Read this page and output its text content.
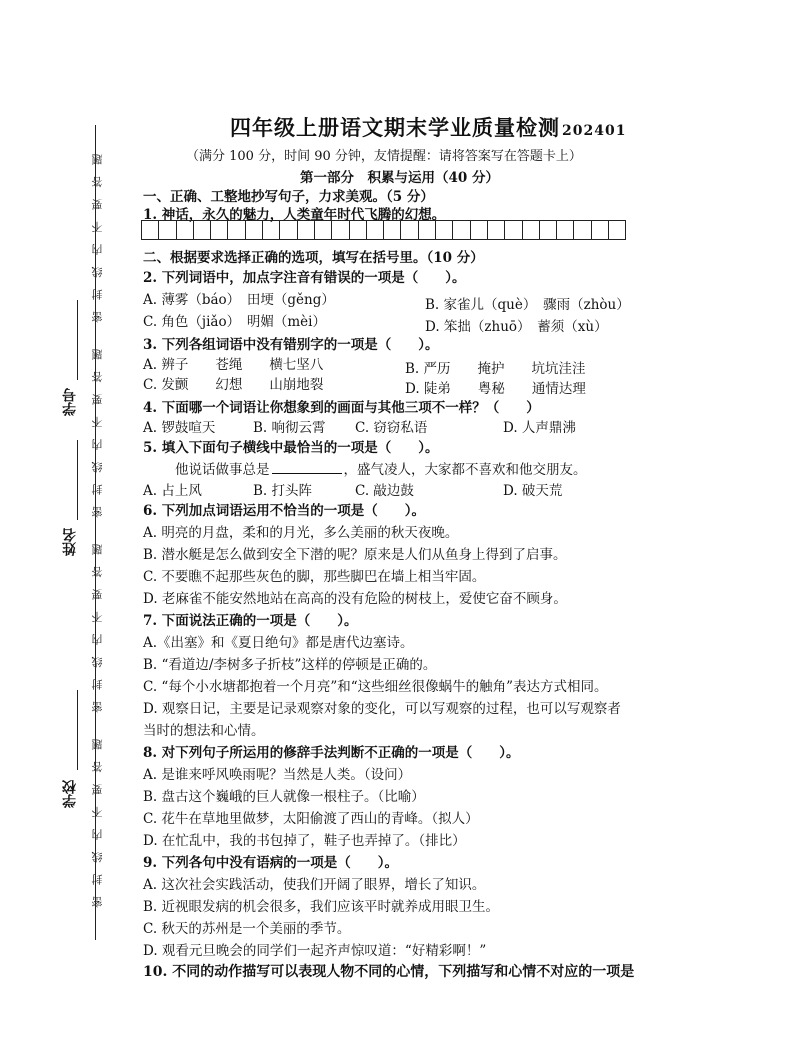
密 封 线 内 不 要 答 题
密 封 线 内 不 要 答 题
密 封 线 内 不 要 答 题
密 封 线 内 不 要 答 题
学号
姓名
学校
四年级上册语文期末学业质量检测 202401
（满分 100 分，时间 90 分钟，友情提醒：请将答案写在答题卡上）
第一部分　积累与运用（40 分）
一、正确、工整地抄写句子，力求美观。（5 分）
1. 神话，永久的魅力，人类童年时代飞腾的幻想。
二、根据要求选择正确的选项，填写在括号里。（10 分）
2. 下列词语中，加点字注音有错误的一项是（　　）。
A. 薄雾（báo）　田埂（gěng）	B. 家雀儿（què）　骤雨（zhòu）
C. 角色（jiǎo）　明媚（mèi）	D. 笨拙（zhuō）　蓄须（xù）
3. 下列各组词语中没有错别字的一项是（　　）。
A. 辨子　　苍绳　　横七坚八	B. 严历　　掩护　　坑坑洼洼
C. 发颤　　幻想　　山崩地裂	D. 陡弟　　粤秘　　通情达理
4. 下面哪一个词语让你想象到的画面与其他三项不一样？（　　）
A. 锣鼓喧天	B. 响彻云霄 C. 窃窃私语	D. 人声鼎沸
5. 填入下面句子横线中最恰当的一项是（　　）。
他说话做事总是	，盛气凌人，大家都不喜欢和他交朋友。
A. 占上风	B. 打头阵	C. 敲边鼓	D. 破天荒
6. 下列加点词语运用不恰当的一项是（　　）。
A. 明亮的月盘，柔和的月光，多么美丽的秋天夜晚。
B. 潜水艇是怎么做到安全下潜的呢？原来是人们从鱼身上得到了启事。
C. 不要瞧不起那些灰色的脚，那些脚巴在墙上相当牢固。
D. 老麻雀不能安然地站在高高的没有危险的树枝上，爱使它奋不顾身。
7. 下面说法正确的一项是（　　）。
A.《出塞》和《夏日绝句》都是唐代边塞诗。
B. “看道边/李树多子折枝”这样的停顿是正确的。
C. “每个小水塘都抱着一个月亮”和“这些细丝很像蜗牛的触角”表达方式相同。
D. 观察日记，主要是记录观察对象的变化，可以写观察的过程，也可以写观察者
当时的想法和心情。
8. 对下列句子所运用的修辞手法判断不正确的一项是（　　）。
A. 是谁来呼风唤雨呢？当然是人类。（设问）
B. 盘古这个巍峨的巨人就像一根柱子。（比喻）
C. 花牛在草地里做梦，太阳偷渡了西山的青峰。（拟人）
D. 在忙乱中，我的书包掉了，鞋子也弄掉了。（排比）
9. 下列各句中没有语病的一项是（　　）。
A. 这次社会实践活动，使我们开阔了眼界，增长了知识。
B. 近视眼发病的机会很多，我们应该平时就养成用眼卫生。
C. 秋天的苏州是一个美丽的季节。
D. 观看元旦晚会的同学们一起齐声惊叹道：“好精彩啊！”
10. 不同的动作描写可以表现人物不同的心情，下列描写和心情不对应的一项是
